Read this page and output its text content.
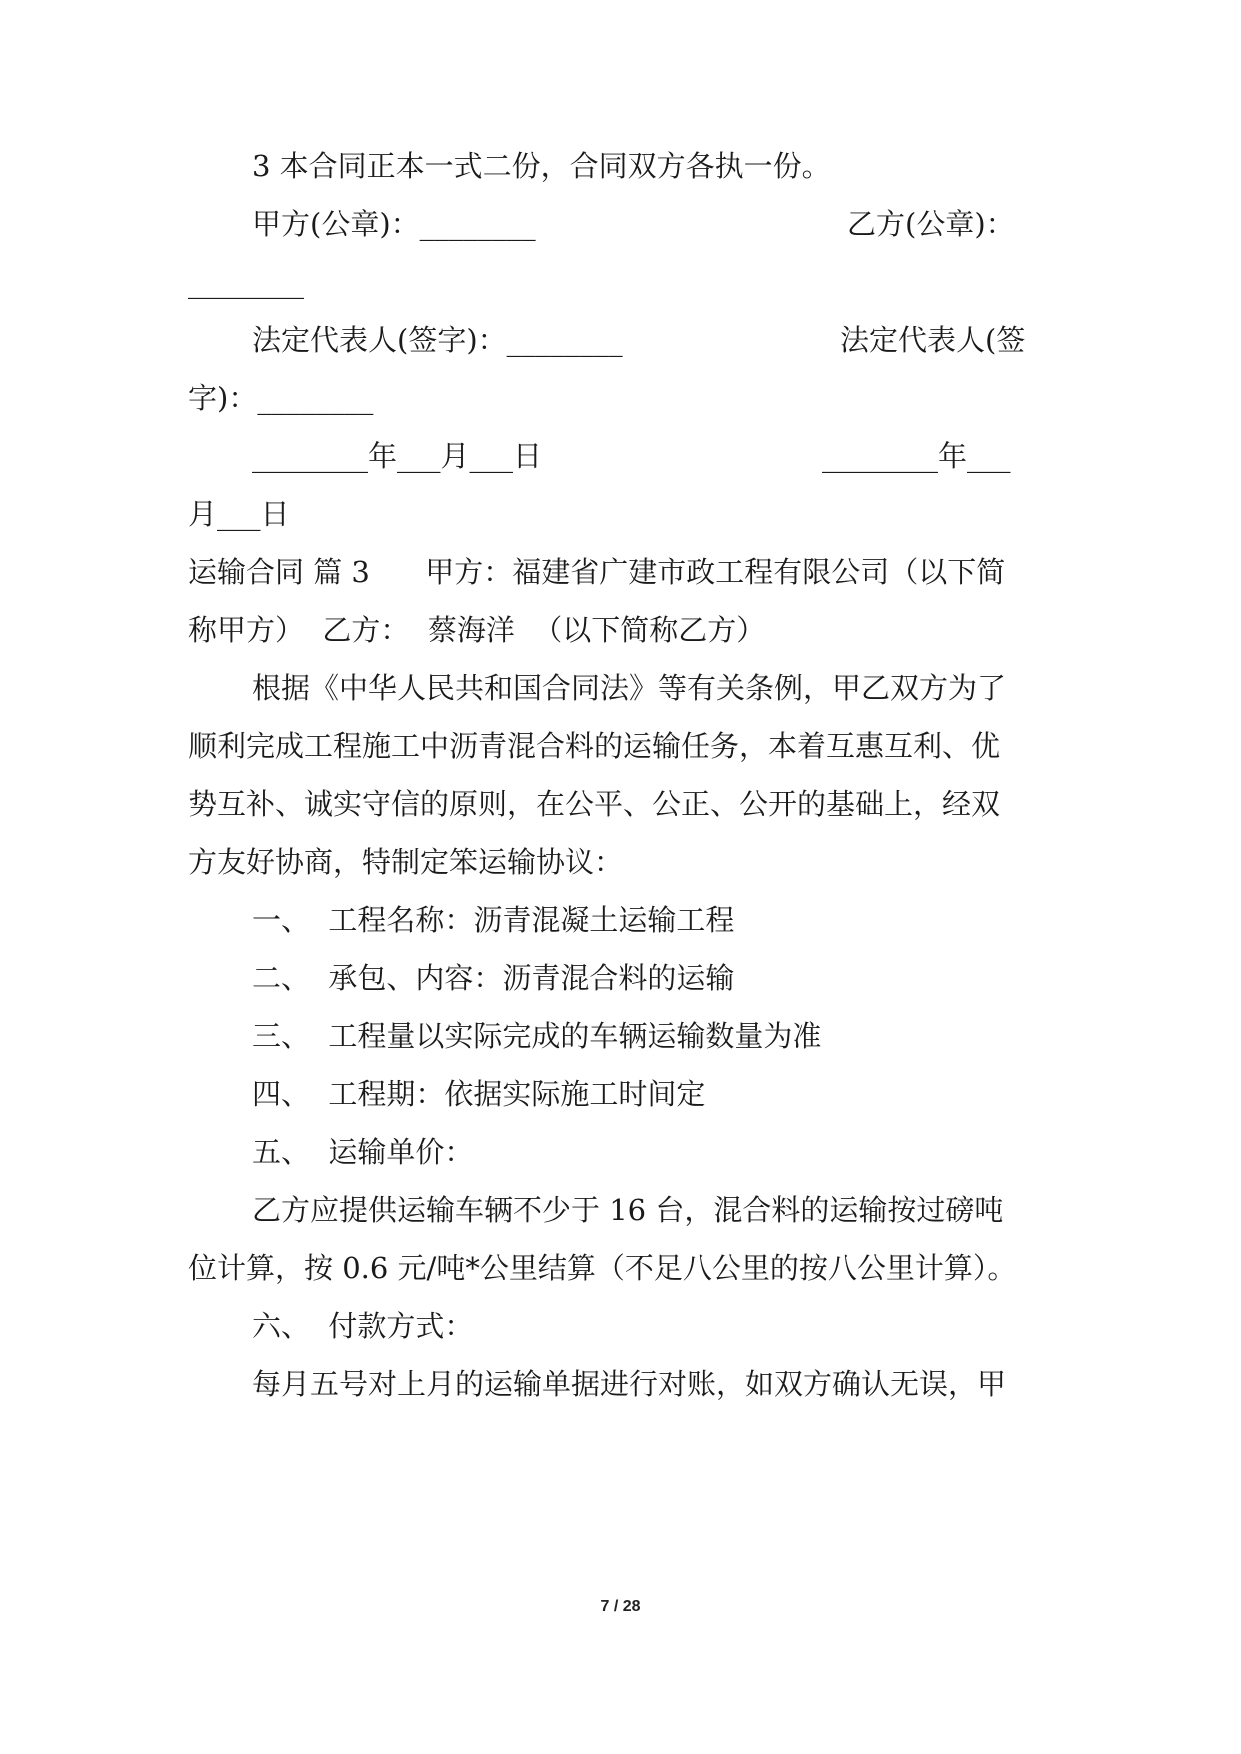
3 本合同正本一式二份，合同双方各执一份。
甲方(公章)：________	乙方(公章)：
________
法定代表人(签字)：________	法定代表人(签
字)：________
________年___月___日	________年___
月___日
运输合同 篇 3      甲方：福建省广建市政工程有限公司（以下简
称甲方）  乙方：  蔡海洋  （以下简称乙方）
根据《中华人民共和国合同法》等有关条例，甲乙双方为了
顺利完成工程施工中沥青混合料的运输任务，本着互惠互利、优
势互补、诚实守信的原则，在公平、公正、公开的基础上，经双
方友好协商，特制定笨运输协议：
一、  工程名称：沥青混凝土运输工程
二、  承包、内容：沥青混合料的运输
三、  工程量以实际完成的车辆运输数量为准
四、  工程期：依据实际施工时间定
五、  运输单价：
乙方应提供运输车辆不少于 16 台，混合料的运输按过磅吨
位计算，按 0.6 元/吨*公里结算（不足八公里的按八公里计算）。
六、  付款方式：
每月五号对上月的运输单据进行对账，如双方确认无误，甲
7 / 28
